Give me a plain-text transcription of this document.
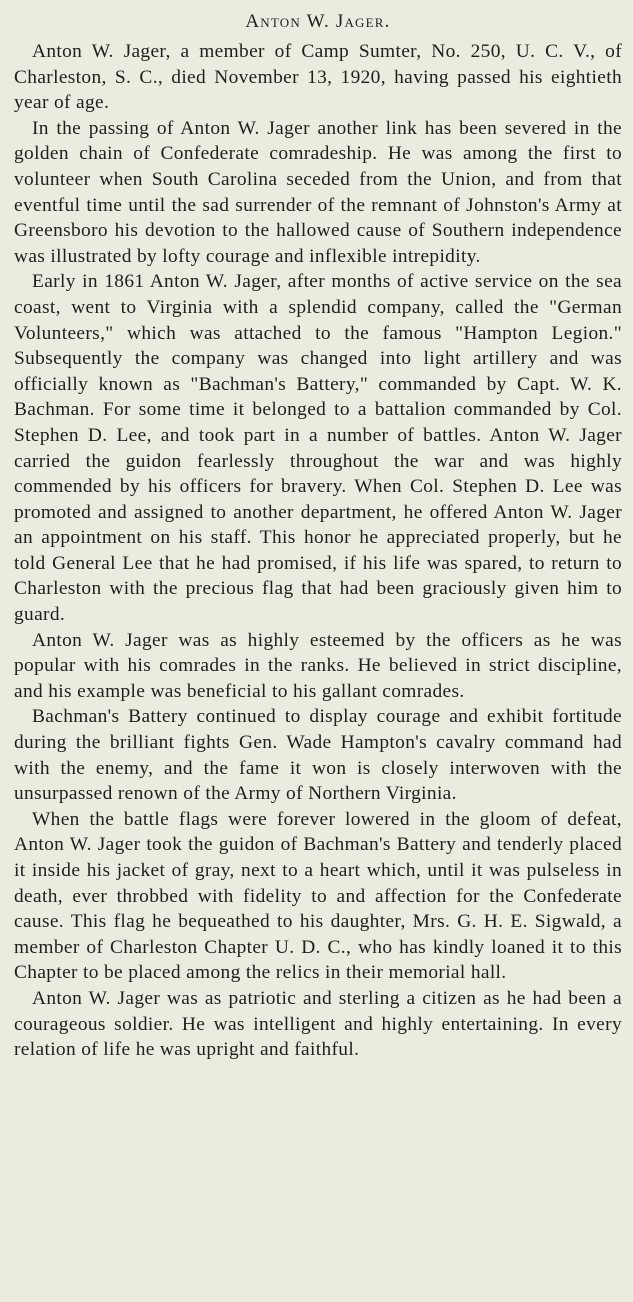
Anton W. Jager.

Anton W. Jager, a member of Camp Sumter, No. 250, U. C. V., of Charleston, S. C., died November 13, 1920, having passed his eightieth year of age.

In the passing of Anton W. Jager another link has been severed in the golden chain of Confederate comradeship. He was among the first to volunteer when South Carolina seceded from the Union, and from that eventful time until the sad surrender of the remnant of Johnston's Army at Greensboro his devotion to the hallowed cause of Southern independence was illustrated by lofty courage and inflexible intrepidity.

Early in 1861 Anton W. Jager, after months of active service on the sea coast, went to Virginia with a splendid company, called the "German Volunteers," which was attached to the famous "Hampton Legion." Subsequently the company was changed into light artillery and was officially known as "Bachman's Battery," commanded by Capt. W. K. Bachman. For some time it belonged to a battalion commanded by Col. Stephen D. Lee, and took part in a number of battles. Anton W. Jager carried the guidon fearlessly throughout the war and was highly commended by his officers for bravery. When Col. Stephen D. Lee was promoted and assigned to another department, he offered Anton W. Jager an appointment on his staff. This honor he appreciated properly, but he told General Lee that he had promised, if his life was spared, to return to Charleston with the precious flag that had been graciously given him to guard.

Anton W. Jager was as highly esteemed by the officers as he was popular with his comrades in the ranks. He believed in strict discipline, and his example was beneficial to his gallant comrades.

Bachman's Battery continued to display courage and exhibit fortitude during the brilliant fights Gen. Wade Hampton's cavalry command had with the enemy, and the fame it won is closely interwoven with the unsurpassed renown of the Army of Northern Virginia.

When the battle flags were forever lowered in the gloom of defeat, Anton W. Jager took the guidon of Bachman's Battery and tenderly placed it inside his jacket of gray, next to a heart which, until it was pulseless in death, ever throbbed with fidelity to and affection for the Confederate cause. This flag he bequeathed to his daughter, Mrs. G. H. E. Sigwald, a member of Charleston Chapter U. D. C., who has kindly loaned it to this Chapter to be placed among the relics in their memorial hall.

Anton W. Jager was as patriotic and sterling a citizen as he had been a courageous soldier. He was intelligent and highly entertaining. In every relation of life he was upright and faithful.
